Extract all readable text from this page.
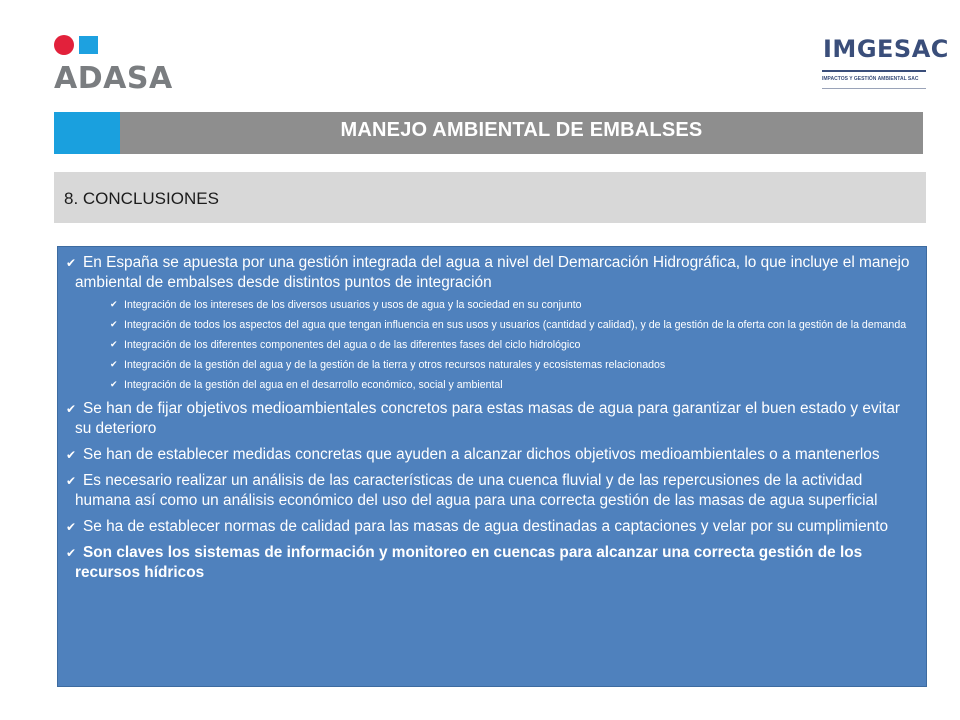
ADASA
IMGESAC
IMPACTOS Y GESTIÓN AMBIENTAL SAC
MANEJO AMBIENTAL DE EMBALSES
8. CONCLUSIONES
✔ En España se apuesta por una gestión integrada del agua a nivel del Demarcación Hidrográfica, lo que incluye el manejo ambiental de embalses desde distintos puntos de integración
✔ Integración de los intereses de los diversos usuarios y usos de agua y la sociedad en su conjunto
✔ Integración de todos los aspectos del agua que tengan influencia en sus usos y usuarios (cantidad y calidad), y de la gestión de la oferta con la gestión de la demanda
✔ Integración de los diferentes componentes del agua o de las diferentes fases del ciclo hidrológico
✔ Integración de la gestión del agua y de la gestión de la tierra y otros recursos naturales y ecosistemas relacionados
✔ Integración de la gestión del agua en el desarrollo económico, social y ambiental
✔ Se han de fijar objetivos medioambientales concretos para estas masas de agua para garantizar el buen estado y evitar su deterioro
✔ Se han de establecer medidas concretas que ayuden a alcanzar dichos objetivos medioambientales o a mantenerlos
✔ Es necesario realizar un análisis de las características de una cuenca fluvial y de las repercusiones de la actividad humana así como un análisis económico del uso del agua para una correcta gestión de las masas de agua superficial
✔ Se ha de establecer normas de calidad para las masas de agua destinadas a captaciones y velar por su cumplimiento
✔ Son claves los sistemas de información y monitoreo en cuencas para alcanzar una correcta gestión de los recursos hídricos
